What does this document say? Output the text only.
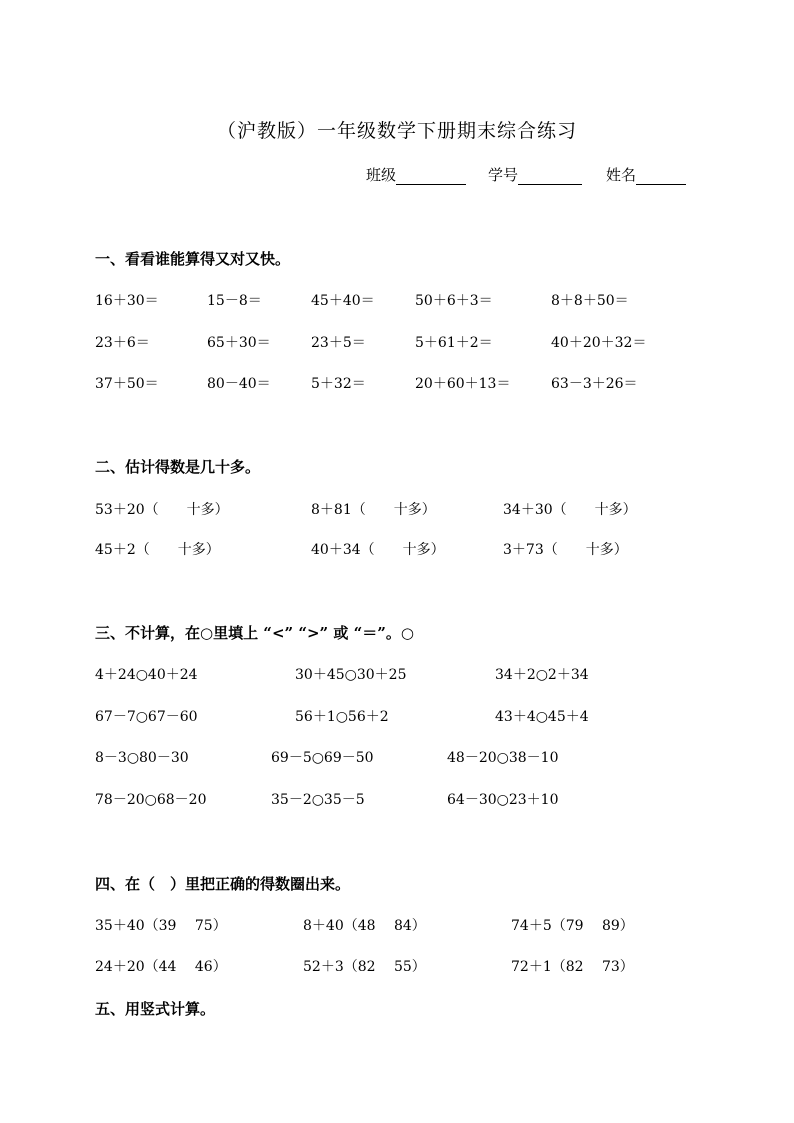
（沪教版）一年级数学下册期末综合练习
班级	学号	姓名
一、看看谁能算得又对又快。
16＋30＝	15－8＝	45＋40＝	50＋6＋3＝	8＋8＋50＝
23＋6＝	65＋30＝	23＋5＝	5＋61＋2＝	40＋20＋32＝
37＋50＝	80－40＝	5＋32＝	20＋60＋13＝	63－3＋26＝
二、估计得数是几十多。
53＋20（　　十多）	8＋81（　　十多）	34＋30（　　十多）
45＋2（　　十多）	40＋34（　　十多）	3＋73（　　十多）
三、不计算，在○里填上 “<” “>” 或 “＝”。○
4＋24○40＋24	30＋45○30＋25	34＋2○2＋34
67－7○67－60	56＋1○56＋2	43＋4○45＋4
8－3○80－30	69－5○69－50	48－20○38－10
78－20○68－20	35－2○35－5	64－30○23＋10
四、在（　）里把正确的得数圈出来。
35＋40（39　 75）	8＋40（48　 84）	74＋5（79　 89）
24＋20（44　 46）	52＋3（82　 55）	72＋1（82　 73）
五、用竖式计算。
